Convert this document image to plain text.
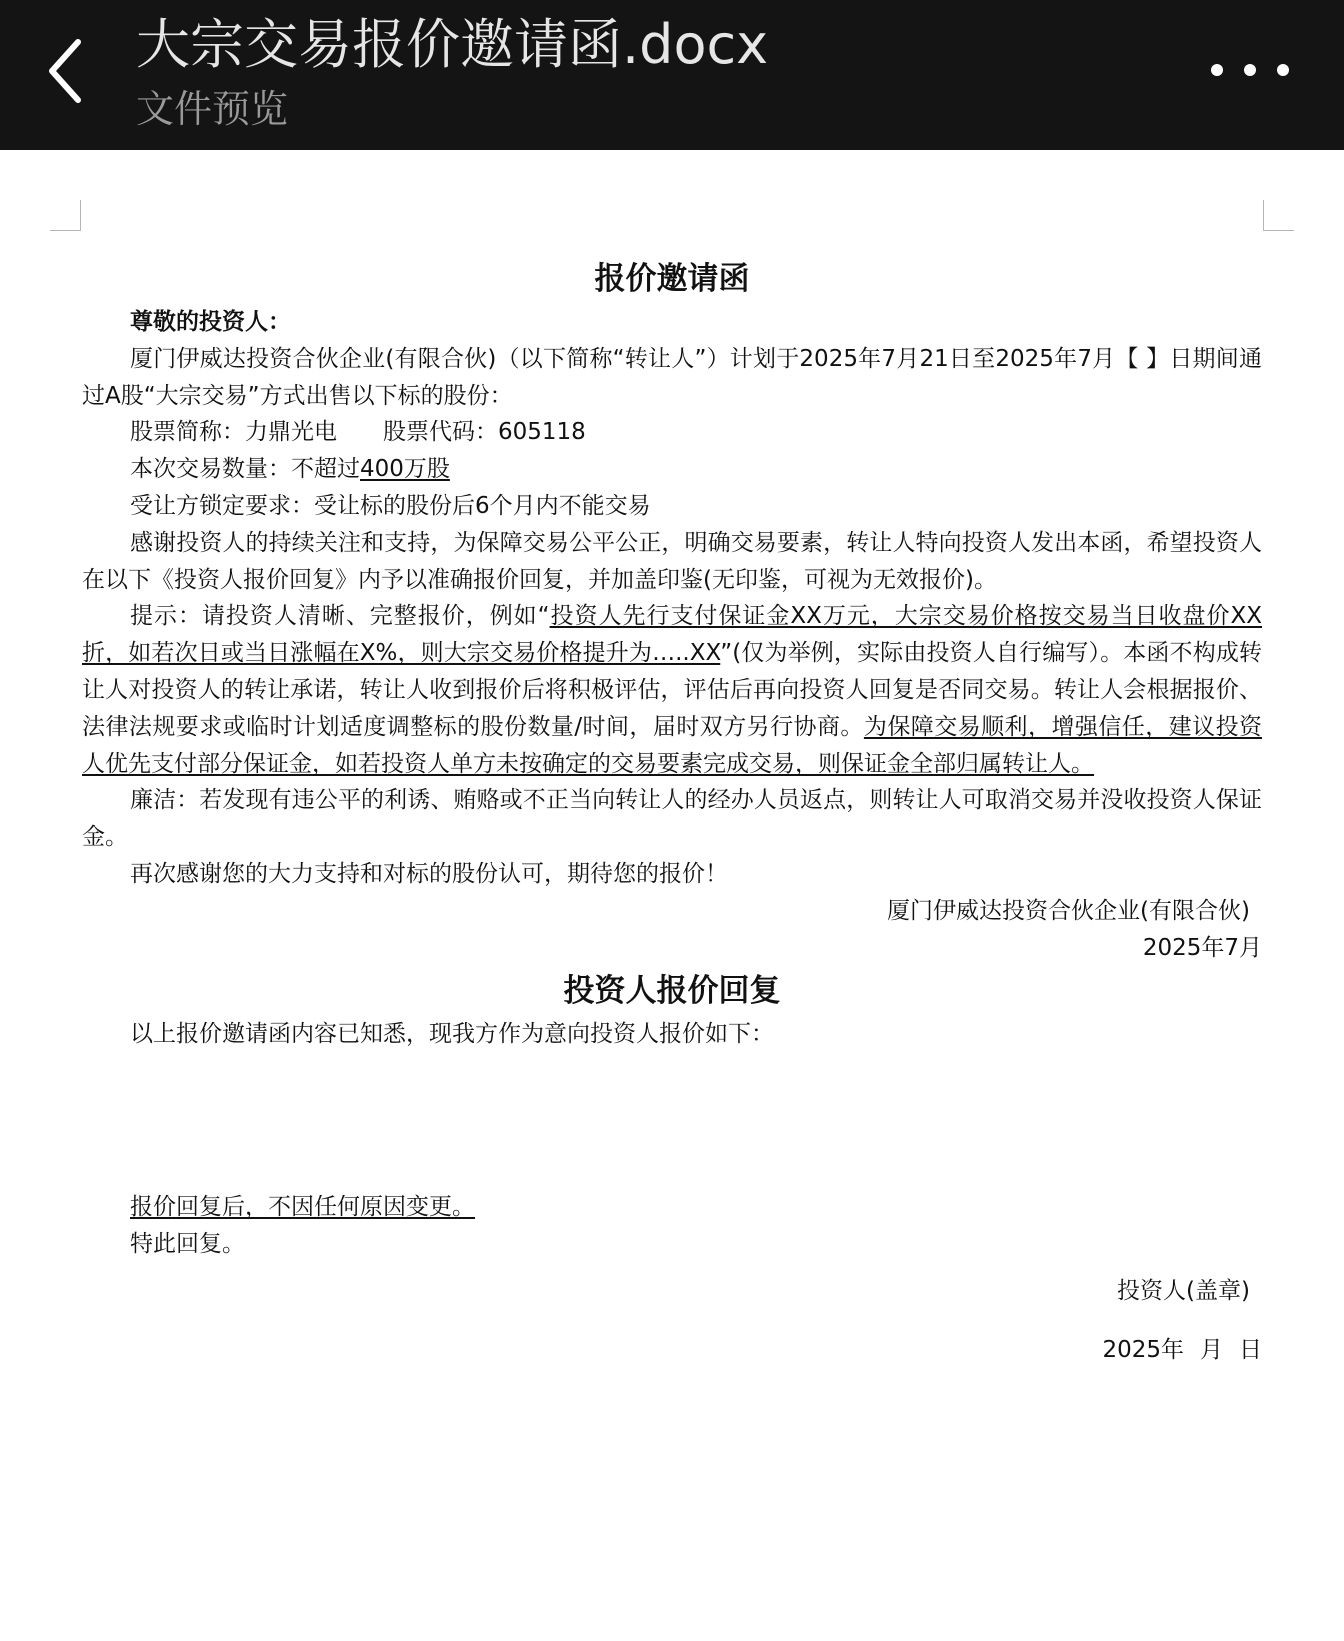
大宗交易报价邀请函.docx
文件预览

报价邀请函

尊敬的投资人：

厦门伊威达投资合伙企业(有限合伙)（以下简称“转让人”）计划于2025年7月21日至2025年7月【 】日期间通过A股“大宗交易”方式出售以下标的股份：

股票简称：力鼎光电 股票代码：605118

本次交易数量：不超过400万股

受让方锁定要求：受让标的股份后6个月内不能交易

感谢投资人的持续关注和支持，为保障交易公平公正，明确交易要素，转让人特向投资人发出本函，希望投资人在以下《投资人报价回复》内予以准确报价回复，并加盖印鉴(无印鉴，可视为无效报价)。

提示：请投资人清晰、完整报价，例如“投资人先行支付保证金XX万元，大宗交易价格按交易当日收盘价XX折，如若次日或当日涨幅在X%，则大宗交易价格提升为…..XX”(仅为举例，实际由投资人自行编写）。本函不构成转让人对投资人的转让承诺，转让人收到报价后将积极评估，评估后再向投资人回复是否同交易。转让人会根据报价、法律法规要求或临时计划适度调整标的股份数量/时间，届时双方另行协商。为保障交易顺利，增强信任，建议投资人优先支付部分保证金，如若投资人单方未按确定的交易要素完成交易，则保证金全部归属转让人。

廉洁：若发现有违公平的利诱、贿赂或不正当向转让人的经办人员返点，则转让人可取消交易并没收投资人保证金。

再次感谢您的大力支持和对标的股份认可，期待您的报价！

厦门伊威达投资合伙企业(有限合伙)

2025年7月

投资人报价回复

以上报价邀请函内容已知悉，现我方作为意向投资人报价如下：

报价回复后，不因任何原因变更。

特此回复。

投资人(盖章)

2025年 月 日
